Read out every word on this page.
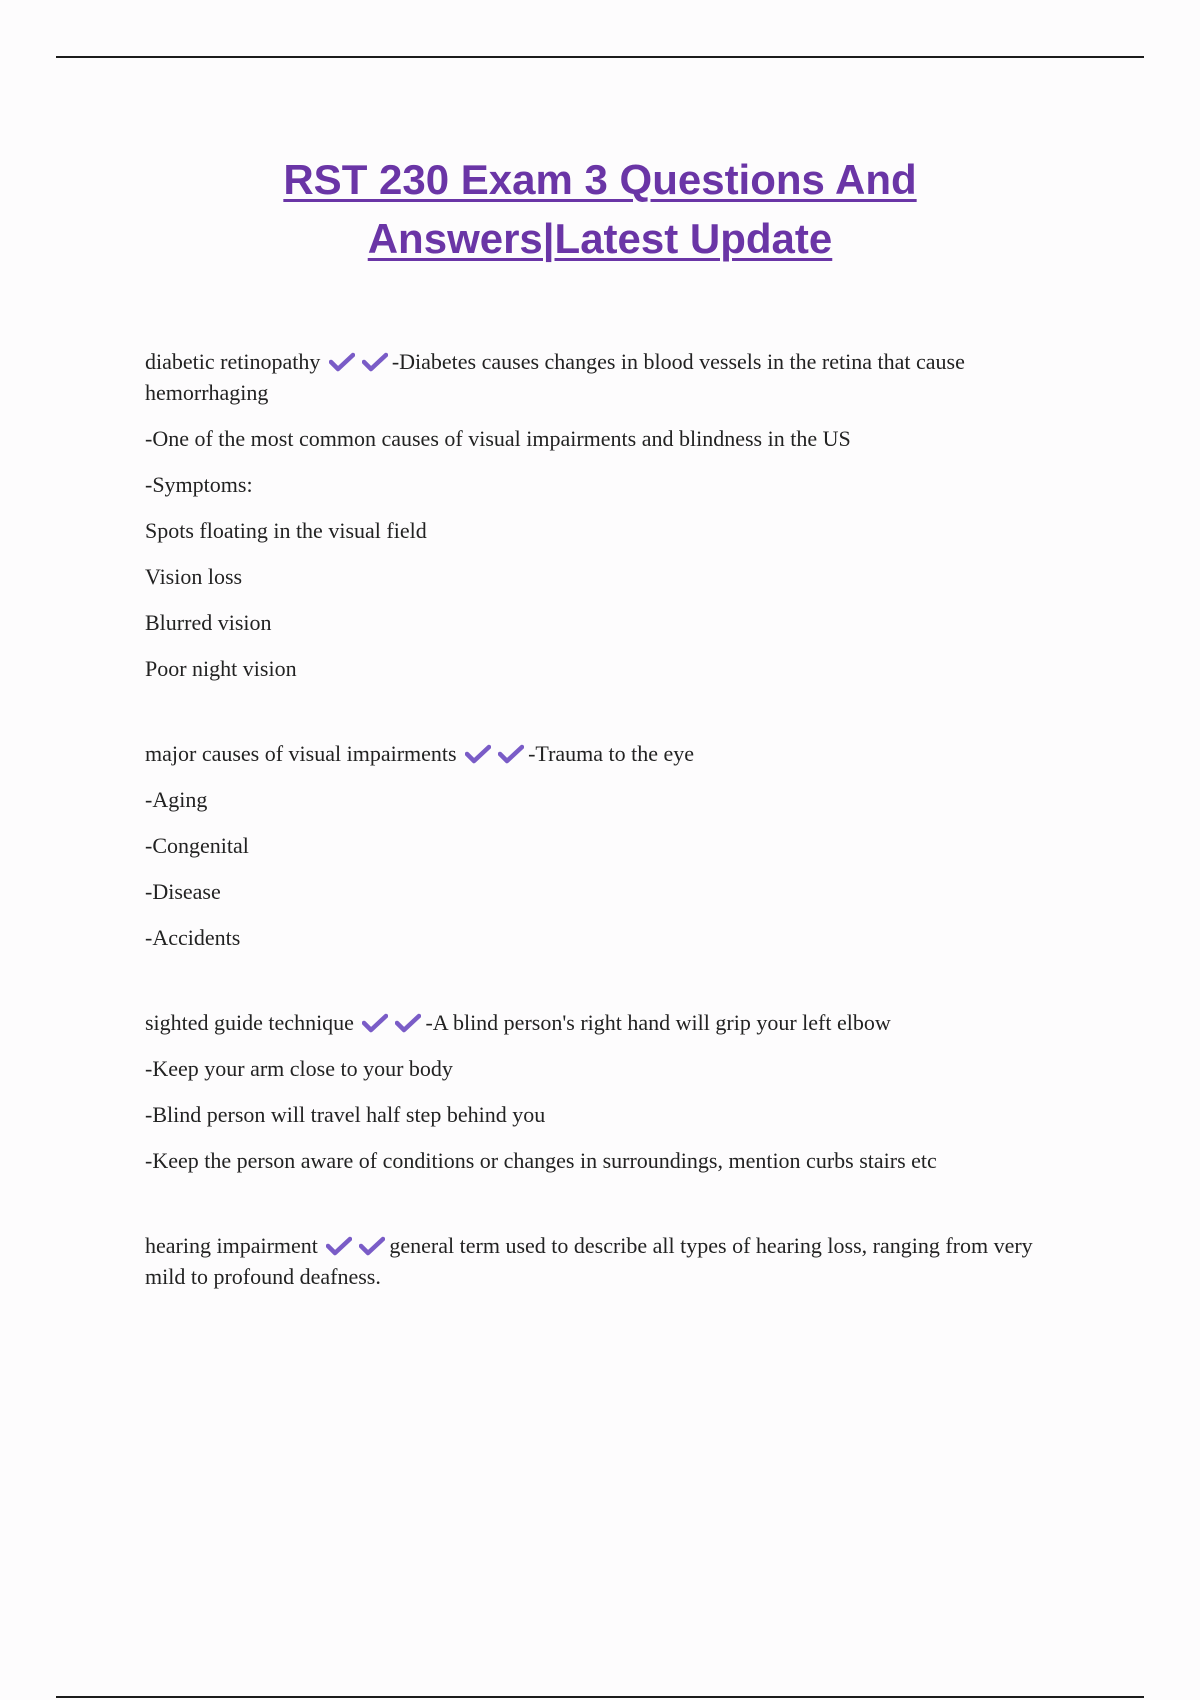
RST 230 Exam 3 Questions And Answers|Latest Update

diabetic retinopathy	-Diabetes causes changes in blood vessels in the retina that cause hemorrhaging

-One of the most common causes of visual impairments and blindness in the US

-Symptoms:

Spots floating in the visual field

Vision loss

Blurred vision

Poor night vision

major causes of visual impairments	-Trauma to the eye

-Aging

-Congenital

-Disease

-Accidents

sighted guide technique	-A blind person's right hand will grip your left elbow

-Keep your arm close to your body

-Blind person will travel half step behind you

-Keep the person aware of conditions or changes in surroundings, mention curbs stairs etc

hearing impairment	general term used to describe all types of hearing loss, ranging from very mild to profound deafness.
